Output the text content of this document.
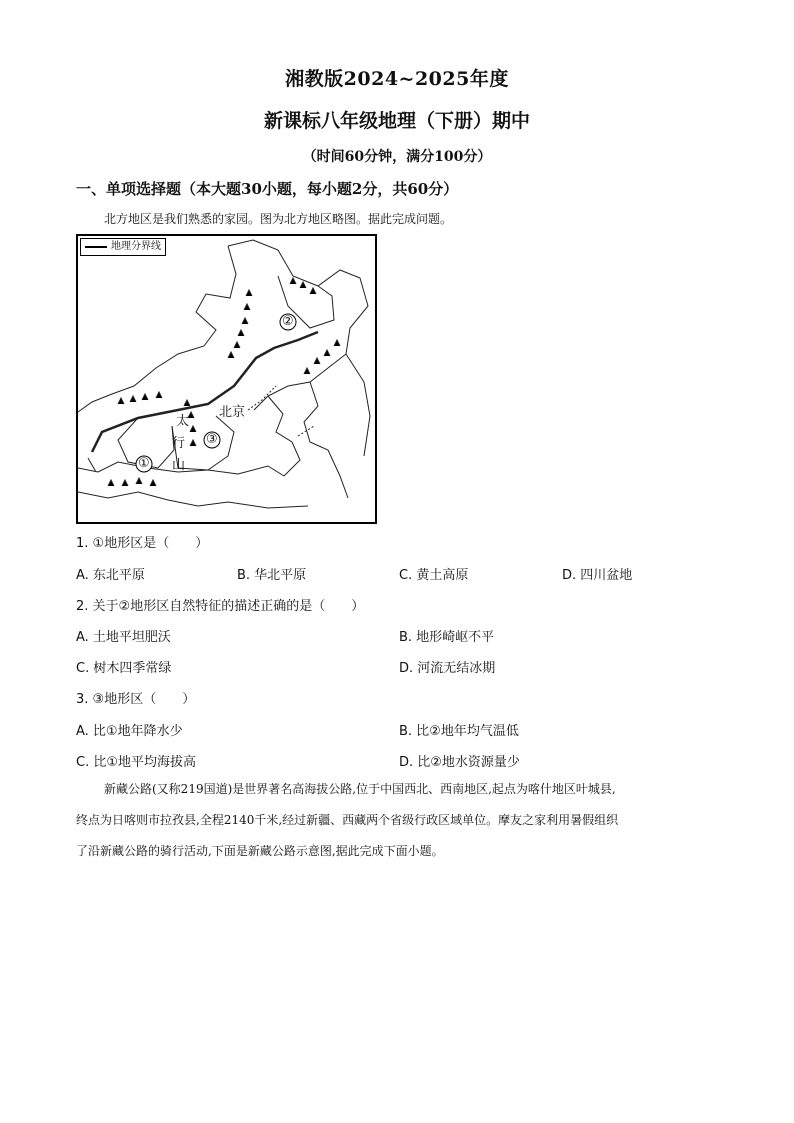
湘教版2024~2025年度
新课标八年级地理（下册）期中
（时间60分钟，满分100分）
一、单项选择题（本大题30小题，每小题2分，共60分）
北方地区是我们熟悉的家园。图为北方地区略图。据此完成问题。
地理分界线
北京
太
行
山
②
③
①
1. ①地形区是（　　）
A. 东北平原	B. 华北平原	C. 黄土高原	D. 四川盆地
2. 关于②地形区自然特征的描述正确的是（　　）
A. 土地平坦肥沃	B. 地形崎岖不平
C. 树木四季常绿	D. 河流无结冰期
3. ③地形区（　　）
A. 比①地年降水少	B. 比②地年均气温低
C. 比①地平均海拔高	D. 比②地水资源量少
新藏公路(又称219国道)是世界著名高海拔公路,位于中国西北、西南地区,起点为喀什地区叶城县,
终点为日喀则市拉孜县,全程2140千米,经过新疆、西藏两个省级行政区域单位。摩友之家利用暑假组织
了沿新藏公路的骑行活动,下面是新藏公路示意图,据此完成下面小题。
